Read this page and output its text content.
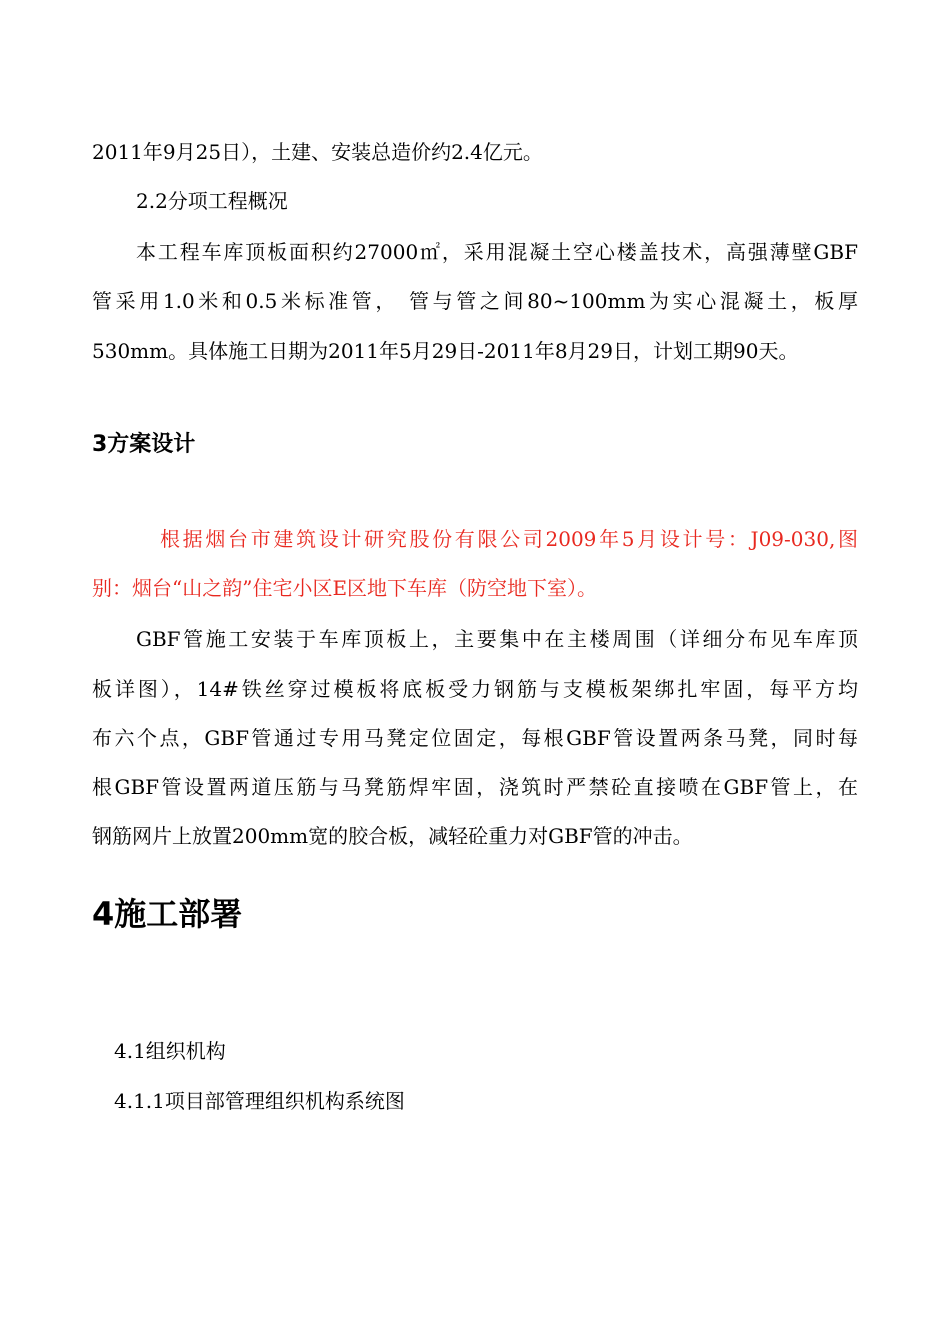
2011年9月25日），土建、安装总造价约2.4亿元。
2.2分项工程概况
本工程车库顶板面积约27000㎡，采用混凝土空心楼盖技术，高强薄壁GBF
管采用1.0米和0.5米标准管， 管与管之间80~100mm为实心混凝土，板厚
530mm。具体施工日期为2011年5月29日-2011年8月29日，计划工期90天。
3方案设计
根据烟台市建筑设计研究股份有限公司2009年5月设计号：J09-030,图
别：烟台“山之韵”住宅小区E区地下车库（防空地下室）。
GBF管施工安装于车库顶板上，主要集中在主楼周围（详细分布见车库顶
板详图），14#铁丝穿过模板将底板受力钢筋与支模板架绑扎牢固，每平方均
布六个点，GBF管通过专用马凳定位固定，每根GBF管设置两条马凳，同时每
根GBF管设置两道压筋与马凳筋焊牢固，浇筑时严禁砼直接喷在GBF管上，在
钢筋网片上放置200mm宽的胶合板，减轻砼重力对GBF管的冲击。
4施工部署
4.1组织机构
4.1.1项目部管理组织机构系统图
